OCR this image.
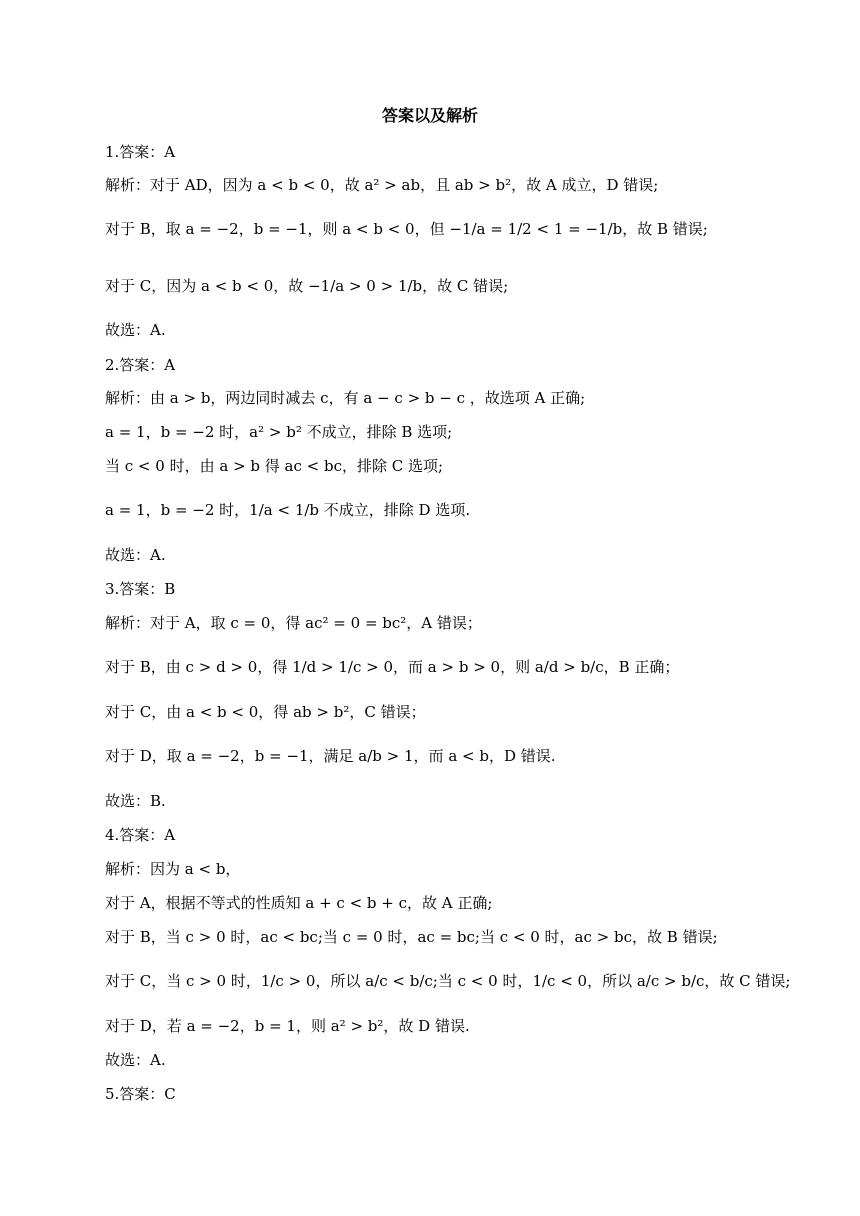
答案以及解析
1.答案：A
解析：对于 AD，因为 a < b < 0，故 a² > ab，且 ab > b²，故 A 成立，D 错误;
对于 B，取 a = −2，b = −1，则 a < b < 0，但 −1/a = 1/2 < 1 = −1/b，故 B 错误;
对于 C，因为 a < b < 0，故 −1/a > 0 > 1/b，故 C 错误;
故选：A.
2.答案：A
解析：由 a > b，两边同时减去 c，有 a − c > b − c ，故选项 A 正确;
a = 1，b = −2 时，a² > b² 不成立，排除 B 选项;
当 c < 0 时，由 a > b 得 ac < bc，排除 C 选项;
a = 1，b = −2 时，1/a < 1/b 不成立，排除 D 选项.
故选：A.
3.答案：B
解析：对于 A，取 c = 0，得 ac² = 0 = bc²，A 错误；
对于 B，由 c > d > 0，得 1/d > 1/c > 0，而 a > b > 0，则 a/d > b/c，B 正确；
对于 C，由 a < b < 0，得 ab > b²，C 错误；
对于 D，取 a = −2，b = −1，满足 a/b > 1，而 a < b，D 错误.
故选：B.
4.答案：A
解析：因为 a < b，
对于 A，根据不等式的性质知 a + c < b + c，故 A 正确;
对于 B，当 c > 0 时，ac < bc;当 c = 0 时，ac = bc;当 c < 0 时，ac > bc，故 B 错误;
对于 C，当 c > 0 时，1/c > 0，所以 a/c < b/c;当 c < 0 时，1/c < 0，所以 a/c > b/c，故 C 错误;
对于 D，若 a = −2，b = 1，则 a² > b²，故 D 错误.
故选：A.
5.答案：C
